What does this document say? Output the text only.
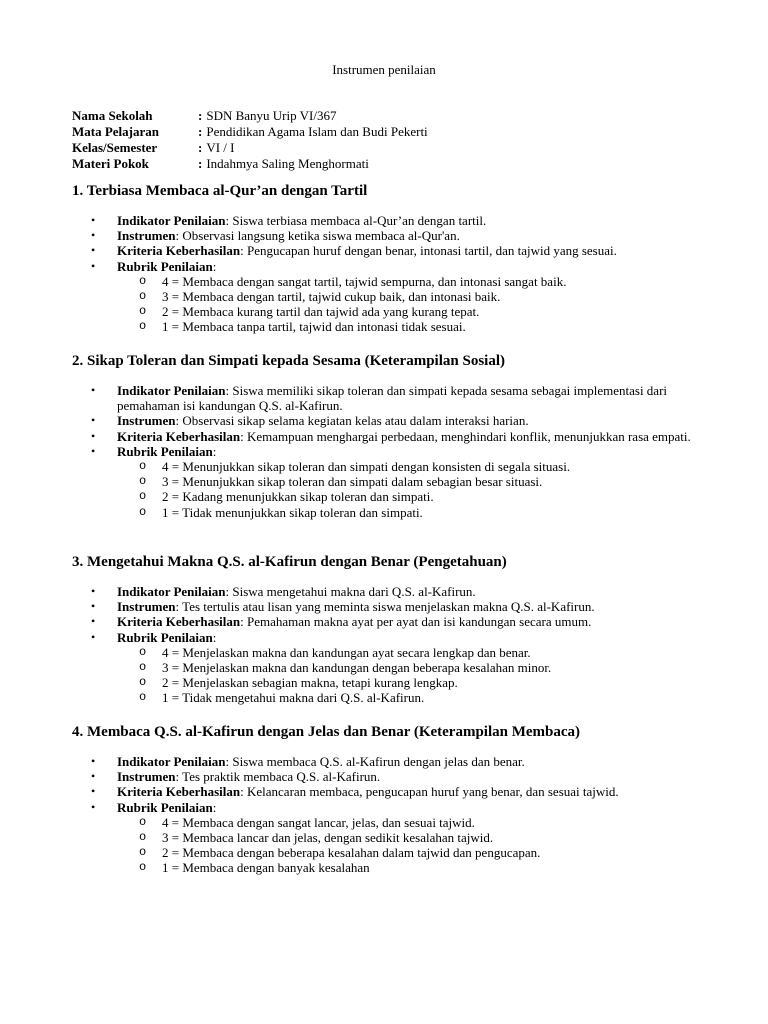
Instrumen penilaian
Nama Sekolah	: SDN Banyu Urip VI/367
Mata Pelajaran	: Pendidikan Agama Islam dan Budi Pekerti
Kelas/Semester	: VI / I
Materi Pokok	: Indahmya Saling Menghormati
1. Terbiasa Membaca al-Qur’an dengan Tartil
• Indikator Penilaian: Siswa terbiasa membaca al-Qur’an dengan tartil.
• Instrumen: Observasi langsung ketika siswa membaca al-Qur'an.
• Kriteria Keberhasilan: Pengucapan huruf dengan benar, intonasi tartil, dan tajwid yang sesuai.
• Rubrik Penilaian:
o 4 = Membaca dengan sangat tartil, tajwid sempurna, dan intonasi sangat baik.
o 3 = Membaca dengan tartil, tajwid cukup baik, dan intonasi baik.
o 2 = Membaca kurang tartil dan tajwid ada yang kurang tepat.
o 1 = Membaca tanpa tartil, tajwid dan intonasi tidak sesuai.
2. Sikap Toleran dan Simpati kepada Sesama (Keterampilan Sosial)
• Indikator Penilaian: Siswa memiliki sikap toleran dan simpati kepada sesama sebagai implementasi dari pemahaman isi kandungan Q.S. al-Kafirun.
• Instrumen: Observasi sikap selama kegiatan kelas atau dalam interaksi harian.
• Kriteria Keberhasilan: Kemampuan menghargai perbedaan, menghindari konflik, menunjukkan rasa empati.
• Rubrik Penilaian:
o 4 = Menunjukkan sikap toleran dan simpati dengan konsisten di segala situasi.
o 3 = Menunjukkan sikap toleran dan simpati dalam sebagian besar situasi.
o 2 = Kadang menunjukkan sikap toleran dan simpati.
o 1 = Tidak menunjukkan sikap toleran dan simpati.
3. Mengetahui Makna Q.S. al-Kafirun dengan Benar (Pengetahuan)
• Indikator Penilaian: Siswa mengetahui makna dari Q.S. al-Kafirun.
• Instrumen: Tes tertulis atau lisan yang meminta siswa menjelaskan makna Q.S. al-Kafirun.
• Kriteria Keberhasilan: Pemahaman makna ayat per ayat dan isi kandungan secara umum.
• Rubrik Penilaian:
o 4 = Menjelaskan makna dan kandungan ayat secara lengkap dan benar.
o 3 = Menjelaskan makna dan kandungan dengan beberapa kesalahan minor.
o 2 = Menjelaskan sebagian makna, tetapi kurang lengkap.
o 1 = Tidak mengetahui makna dari Q.S. al-Kafirun.
4. Membaca Q.S. al-Kafirun dengan Jelas dan Benar (Keterampilan Membaca)
• Indikator Penilaian: Siswa membaca Q.S. al-Kafirun dengan jelas dan benar.
• Instrumen: Tes praktik membaca Q.S. al-Kafirun.
• Kriteria Keberhasilan: Kelancaran membaca, pengucapan huruf yang benar, dan sesuai tajwid.
• Rubrik Penilaian:
o 4 = Membaca dengan sangat lancar, jelas, dan sesuai tajwid.
o 3 = Membaca lancar dan jelas, dengan sedikit kesalahan tajwid.
o 2 = Membaca dengan beberapa kesalahan dalam tajwid dan pengucapan.
o 1 = Membaca dengan banyak kesalahan
